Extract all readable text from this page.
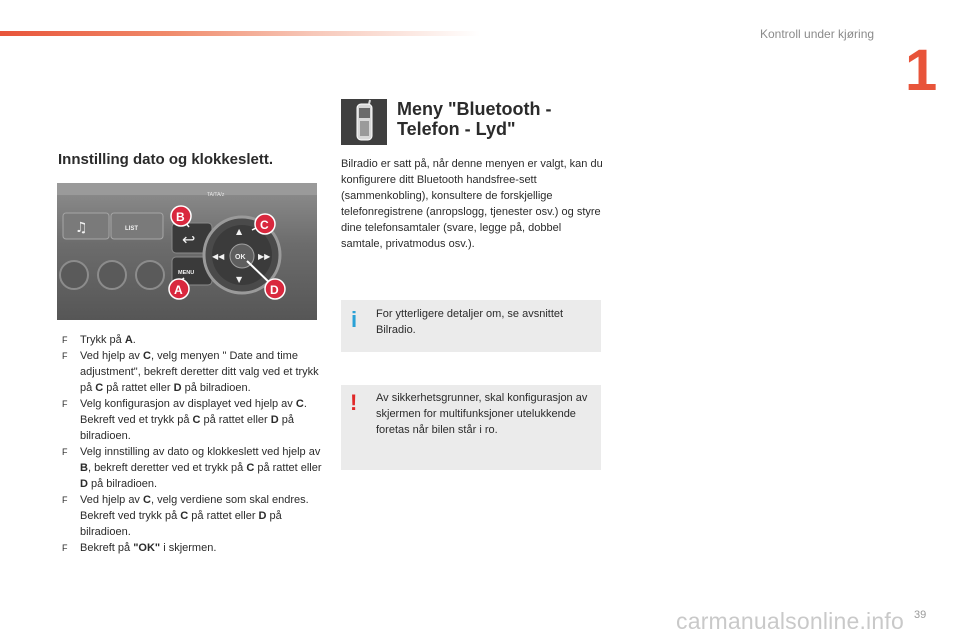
Kontroll under kjøring
1
Innstilling dato og klokkeslett.
TA/TA/z
♫	LIST
↩
MENU
▲
▼
◀◀	▶▶
OK
B
C
D
A
F Trykk på A.
F Ved hjelp av C, velg menyen " Date and time adjustment", bekreft deretter ditt valg ved et trykk på C på rattet eller D på bilradioen.
F Velg konfigurasjon av displayet ved hjelp av C. Bekreft ved et trykk på C på rattet eller D på bilradioen.
F Velg innstilling av dato og klokkeslett ved hjelp av B, bekreft deretter ved et trykk på C på rattet eller D på bilradioen.
F Ved hjelp av C, velg verdiene som skal endres. Bekreft ved trykk på C på rattet eller D på bilradioen.
F Bekreft på "OK" i skjermen.
Meny "Bluetooth -
Telefon - Lyd"

Bilradio er satt på, når denne menyen er valgt, kan du konfigurere ditt Bluetooth handsfree-sett (sammenkobling), konsultere de forskjellige telefonregistrene (anropslogg, tjenester osv.) og styre dine telefonsamtaler (svare, legge på, dobbel samtale, privatmodus osv.).

i For ytterligere detaljer om, se avsnittet Bilradio.

! Av sikkerhetsgrunner, skal konfigurasjon av skjermen for multifunksjoner utelukkende foretas når bilen står i ro.

carmanualsonline.info 39
